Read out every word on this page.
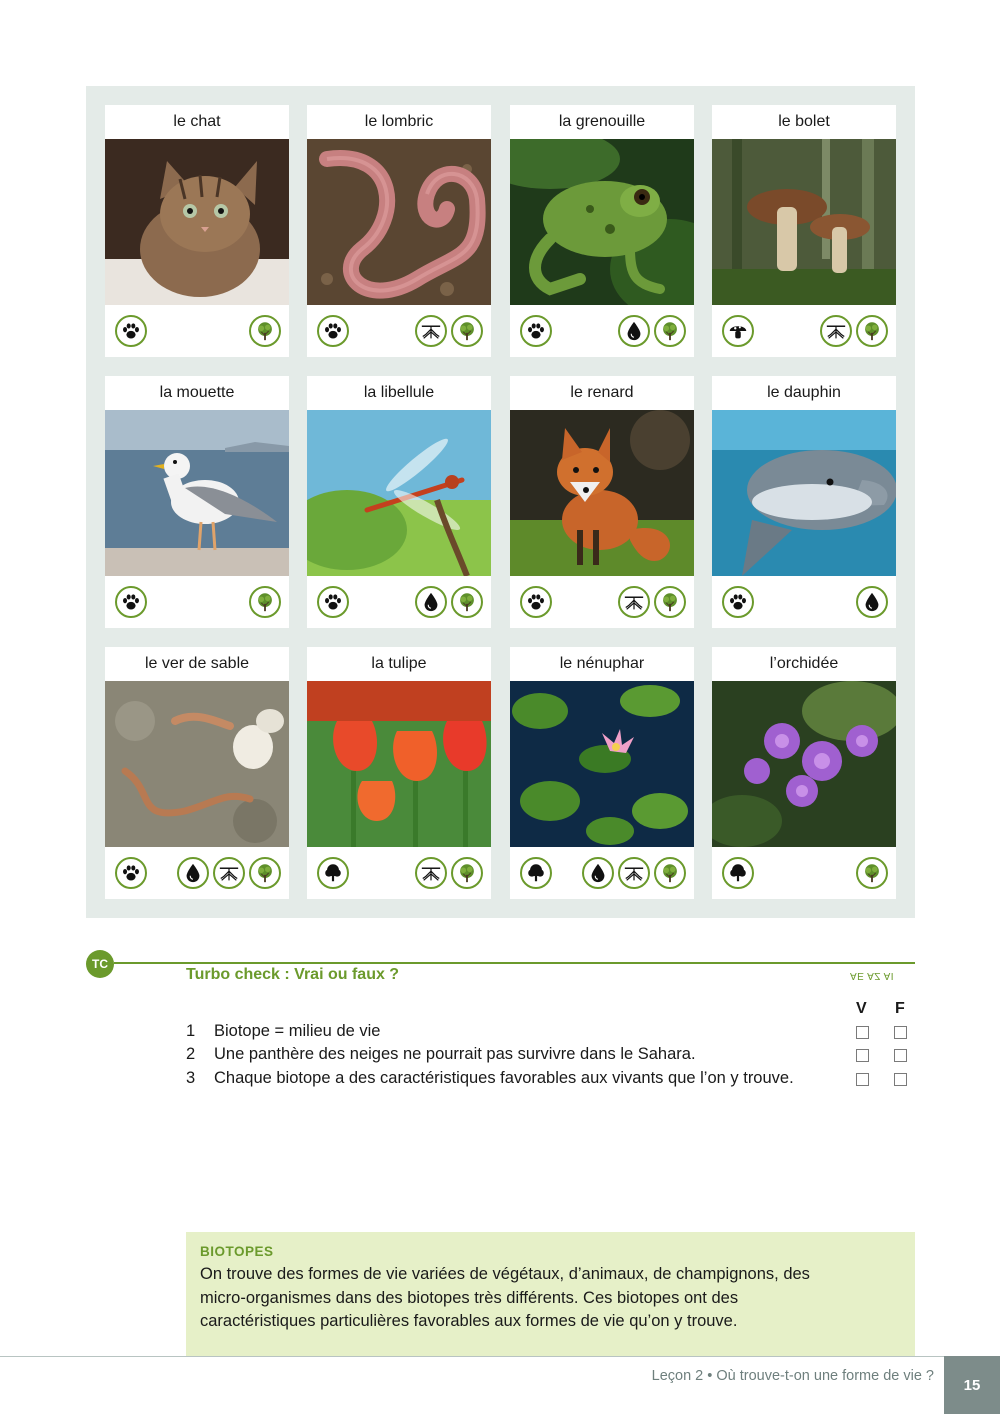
le chat	le lombric	la grenouille	le bolet
la mouette	la libellule	le renard	le dauphin
le ver de sable	la tulipe	le nénuphar	l’orchidée
TC
Turbo check : Vrai ou faux ?	AE AZ AI
V F
1 Biotope = milieu de vie
2 Une panthère des neiges ne pourrait pas survivre dans le Sahara.
3 Chaque biotope a des caractéristiques favorables aux vivants que l’on y trouve.
BIOTOPES
On trouve des formes de vie variées de végétaux, d’animaux, de champignons, des micro-organismes dans des biotopes très différents. Ces biotopes ont des caractéristiques particulières favorables aux formes de vie qu’on y trouve.
Leçon 2 • Où trouve-t-on une forme de vie ?
15
